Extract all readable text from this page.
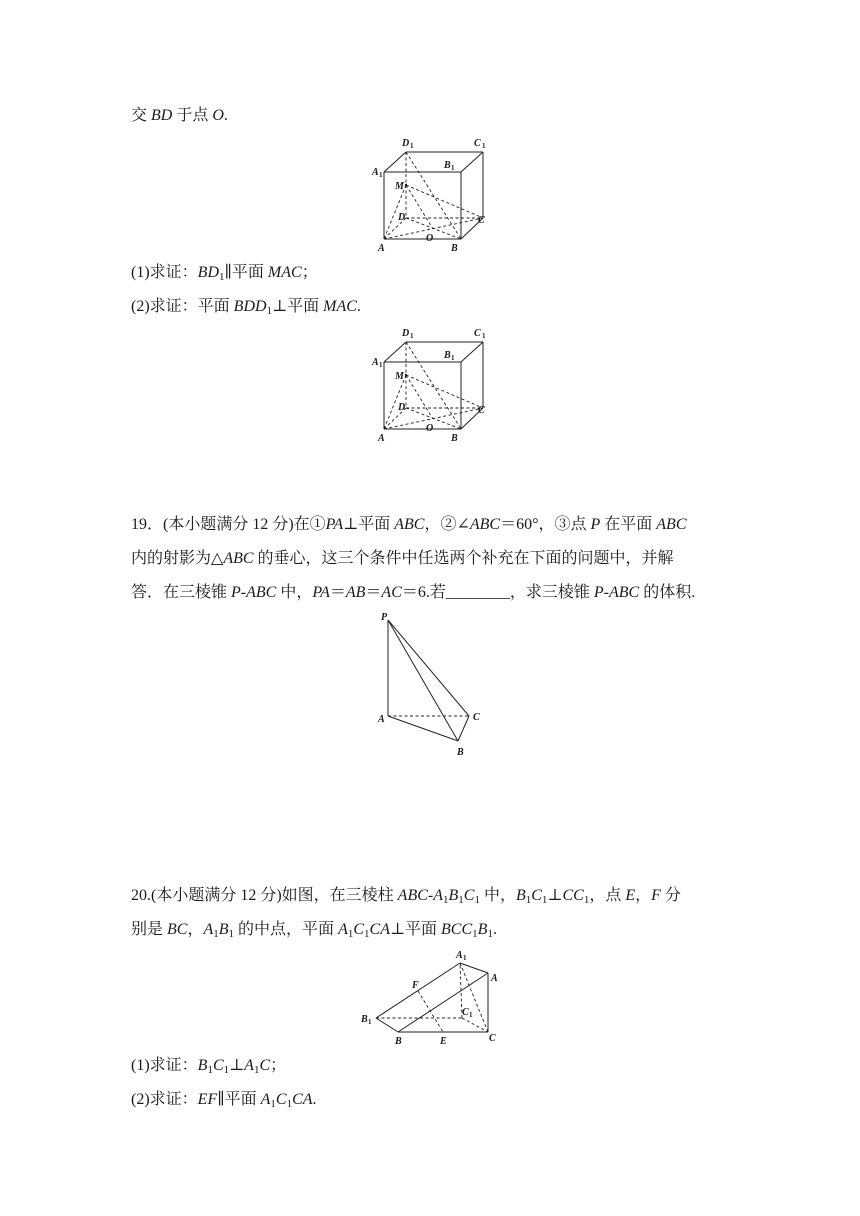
交 BD 于点 O.
D 1	C 1
A 1
B 1
M
D	C
A
O
B
(1)求证：$BD_1\parallel$平面 MAC；
(2)求证：平面 $BDD_1\perp$平面 MAC.
D 1	C 1
A 1
B 1
M
D	C
A
O
B
19．(本小题满分 12 分)在①PA⊥平面 ABC，②∠ABC＝60°，③点 P 在平面 ABC
内的射影为△ABC 的垂心，这三个条件中任选两个补充在下面的问题中，并解
答．在三棱锥 P-ABC 中，PA＝AB＝AC＝6.若________，求三棱锥 P-ABC 的体积.
P
A	C
B
20.(本小题满分 12 分)如图，在三棱柱 ABC-$A_1B_1C_1$ 中，$B_1C_1\perp CC_1$，点 E，F 分
别是 BC，$A_1B_1$ 的中点，平面 $A_1C_1CA\perp$平面 $BCC_1B_1$.
A 1
A
F
C 1
B 1
B	E	C
(1)求证：$B_1C_1\perp A_1C$；
(2)求证：EF∥平面 $A_1C_1CA$.
